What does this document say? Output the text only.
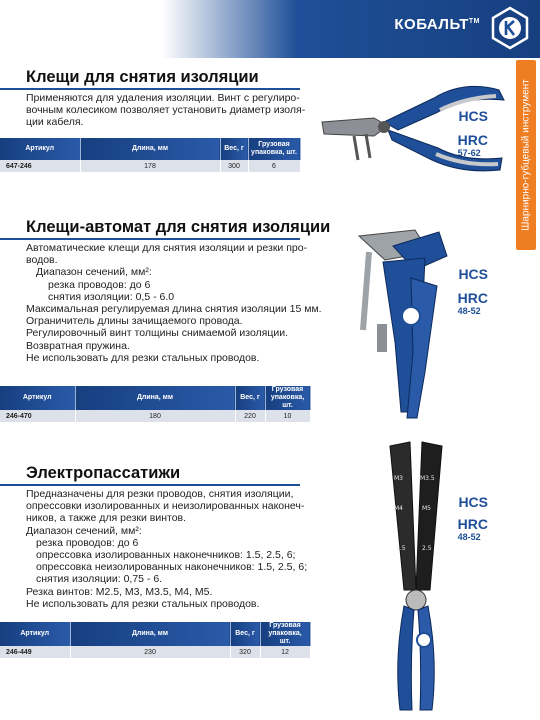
КОБАЛЬТ™
Шарнирно-губцевый инструмент
Клещи для снятия изоляции
Применяются для удаления изоляции. Винт с регулиро-
вочным колесиком позволяет установить диаметр изоля-
ции кабеля.
Артикул	Длина, мм	Вес, г	Грузовая упаковка, шт.
647-246	178	300	6
HCS
HRC
57-62
Клещи-автомат для снятия изоляции
Автоматические клещи для снятия изоляции и резки про-
водов.
Диапазон сечений, мм²:
резка проводов: до 6
снятия изоляции: 0,5 - 6.0
Максимальная регулируемая длина снятия изоляции 15 мм.
Ограничитель длины зачищаемого провода.
Регулировочный винт толщины снимаемой изоляции.
Возвратная пружина.
Не использовать для резки стальных проводов.
Артикул	Длина, мм	Вес, г	Грузовая упаковка, шт.
246-470	180	220	10
HCS
HRC
48-52
Электропассатижи
Предназначены для резки проводов, снятия изоляции,
опрессовки изолированных и неизолированных наконеч-
ников, а также для резки винтов.
Диапазон сечений, мм²:
резка проводов: до 6
опрессовка изолированных наконечников: 1.5, 2.5, 6;
опрессовка неизолированных наконечников: 1.5, 2.5, 6;
снятия изоляции: 0,75 - 6.
Резка винтов: М2.5, М3, М3.5, М4, М5.
Не использовать для резки стальных проводов.
Артикул	Длина, мм	Вес, г	Грузовая упаковка, шт.
246-449	230	320	12
HCS
HRC
48-52
M3	M3.5
M4	M5
1.5	2.5
